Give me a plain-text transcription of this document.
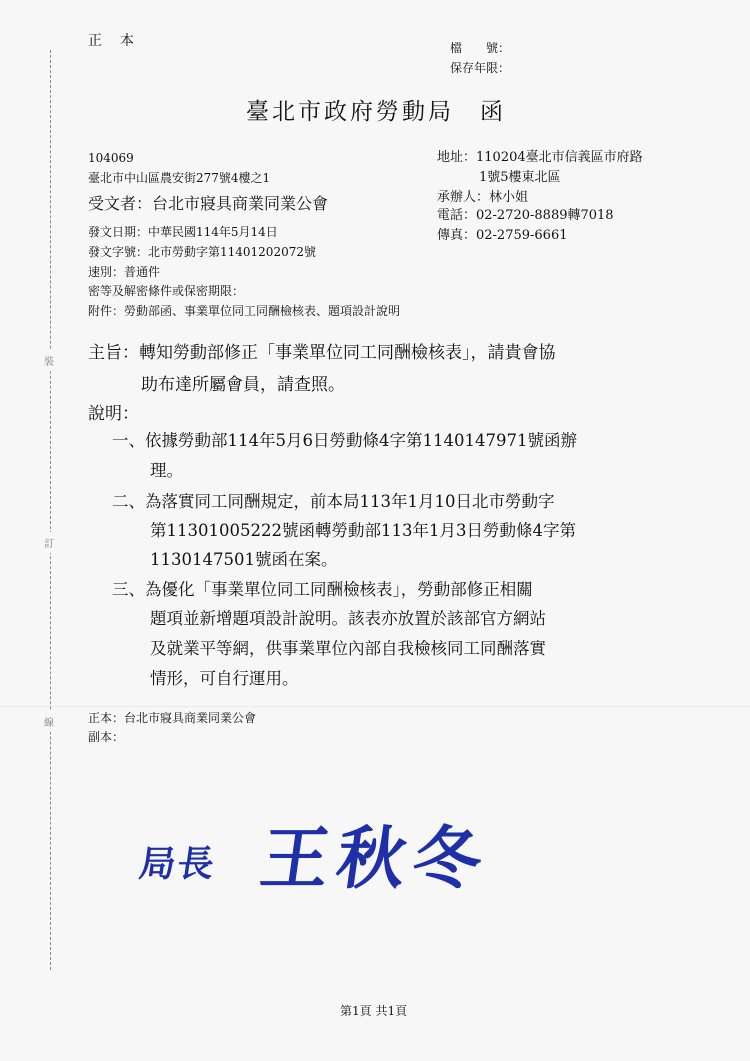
裝
訂
線
正　本	檔　　號：
保存年限：
臺北市政府勞動局　函
104069
臺北市中山區農安街277號4樓之1
受文者：台北市寢具商業同業公會
地址：110204臺北市信義區市府路
1號5樓東北區
承辦人：林小姐
電話：02-2720-8889轉7018
傳真：02-2759-6661
發文日期：中華民國114年5月14日
發文字號：北市勞動字第11401202072號
速別：普通件
密等及解密條件或保密期限：
附件：勞動部函、事業單位同工同酬檢核表、題項設計說明
主旨：轉知勞動部修正「事業單位同工同酬檢核表」，請貴會協
助布達所屬會員，請查照。
說明：
一、依據勞動部114年5月6日勞動條4字第1140147971號函辦
理。
二、為落實同工同酬規定，前本局113年1月10日北市勞動字
第11301005222號函轉勞動部113年1月3日勞動條4字第
1130147501號函在案。
三、為優化「事業單位同工同酬檢核表」，勞動部修正相關
題項並新增題項設計說明。該表亦放置於該部官方網站
及就業平等網，供事業單位內部自我檢核同工同酬落實
情形，可自行運用。
正本：台北市寢具商業同業公會
副本：
局長 王秋冬
第1頁 共1頁
